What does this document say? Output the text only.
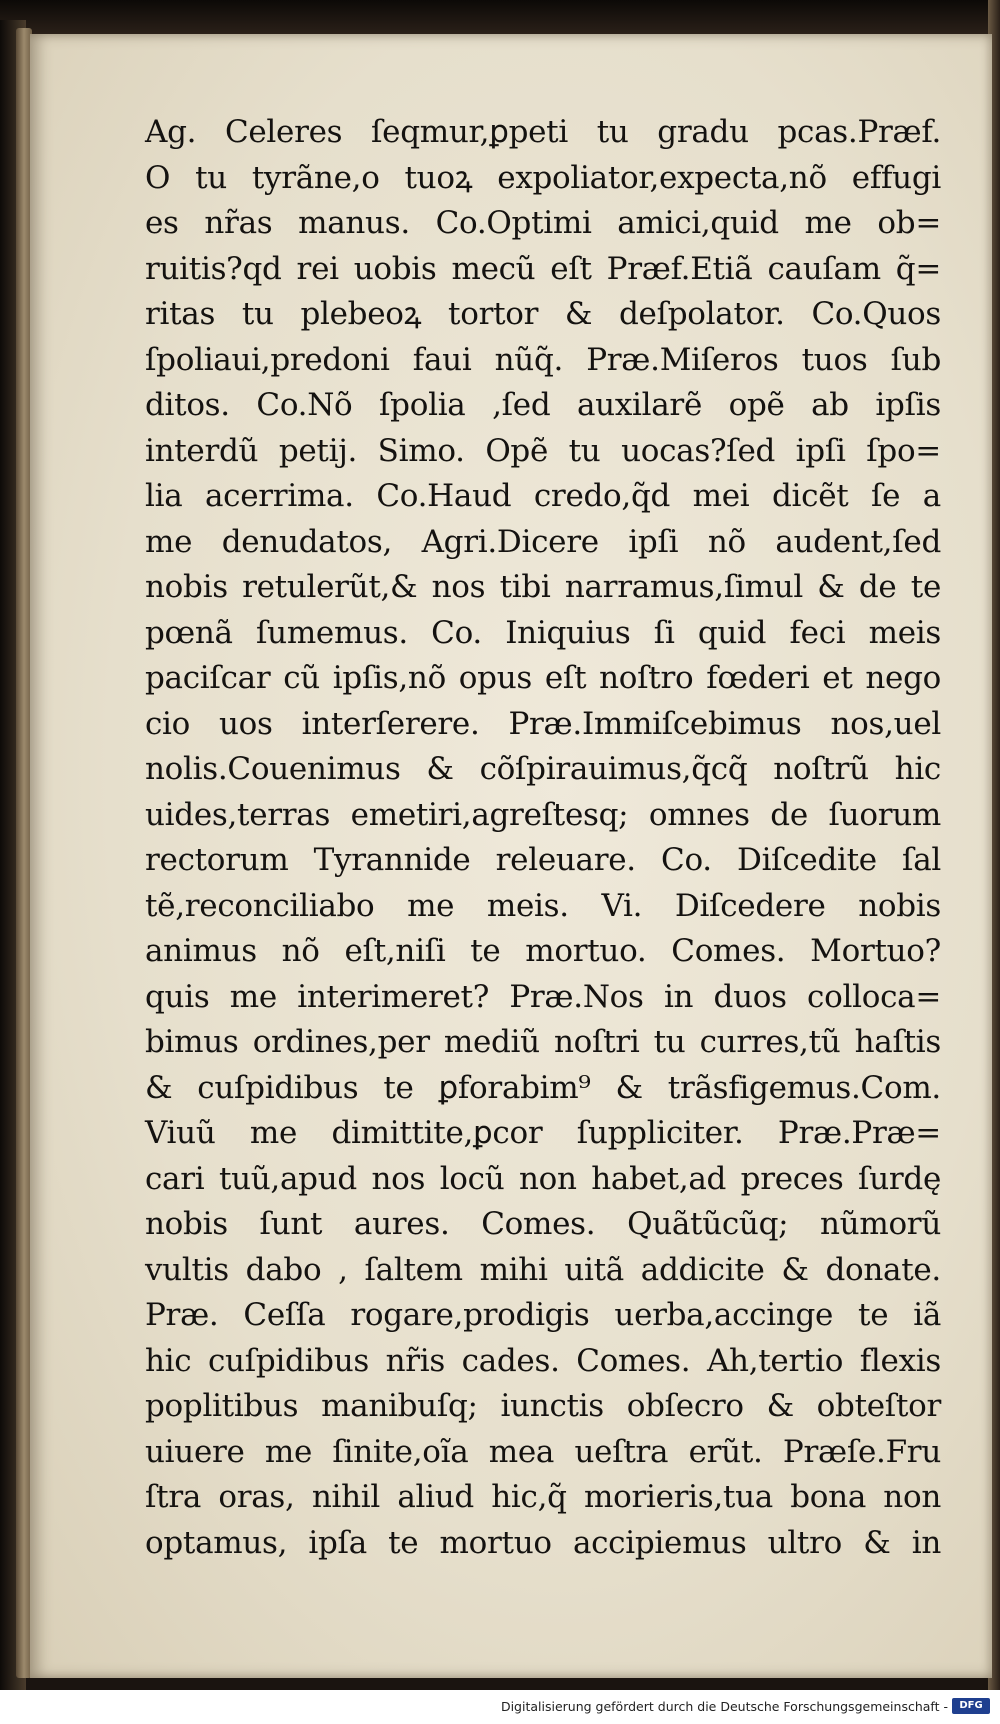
Ag. Celeres ſeqmur,ꝑpeti tu gradu pcas.Præf.
O tu tyrãne,o tuoꝝ expoliator,expecta,nõ effugi
es nr̃as manus. Co.Optimi amici,quid me ob=
ruitis?qd rei uobis mecũ eſt Præf.Etiã cauſam q̃=
ritas tu plebeoꝝ tortor & deſpolator. Co.Quos
ſpoliaui,predoni faui nũq̃. Præ.Miſeros tuos ſub
ditos. Co.Nõ ſpolia ,ſed auxilarẽ opẽ ab ipſis
interdũ petij. Simo. Opẽ tu uocas?ſed ipſi ſpo=
lia acerrima. Co.Haud credo,q̃d mei dicẽt ſe a
me denudatos, Agri.Dicere ipſi nõ audent,ſed
nobis retulerũt,& nos tibi narramus,ſimul & de te
pœnã ſumemus. Co. Iniquius ſi quid feci meis
paciſcar cũ ipſis,nõ opus eſt noſtro fœderi et nego
cio uos interſerere. Præ.Immiſcebimus nos,uel
nolis.Couenimus & cõſpirauimus,q̃cq̃ noſtrũ hic
uides,terras emetiri,agreſtesq; omnes de ſuorum
rectorum Tyrannide releuare. Co. Diſcedite ſal
tẽ,reconciliabo me meis. Vi. Diſcedere nobis
animus nõ eſt,niſi te mortuo. Comes. Mortuo?
quis me interimeret? Præ.Nos in duos colloca=
bimus ordines,per mediũ noſtri tu curres,tũ haſtis
& cuſpidibus te ꝑforabim⁹ & trãsfigemus.Com.
Viuũ me dimittite,ꝑcor ſuppliciter. Præ.Præ=
cari tuũ,apud nos locũ non habet,ad preces ſurdę
nobis ſunt aures. Comes. Quãtũcũq; nũmorũ
vultis dabo , ſaltem mihi uitã addicite & donate.
Præ. Ceſſa rogare,prodigis uerba,accinge te iã
hic cuſpidibus nr̃is cades. Comes. Ah,tertio flexis
poplitibus manibuſq; iunctis obſecro & obteſtor
uiuere me ſinite,oĩa mea ueſtra erũt. Præſe.Fru
ſtra oras, nihil aliud hic,q̃ morieris,tua bona non
optamus, ipſa te mortuo accipiemus ultro & in
Digitalisierung gefördert durch die Deutsche Forschungsgemeinschaft -	DFG
